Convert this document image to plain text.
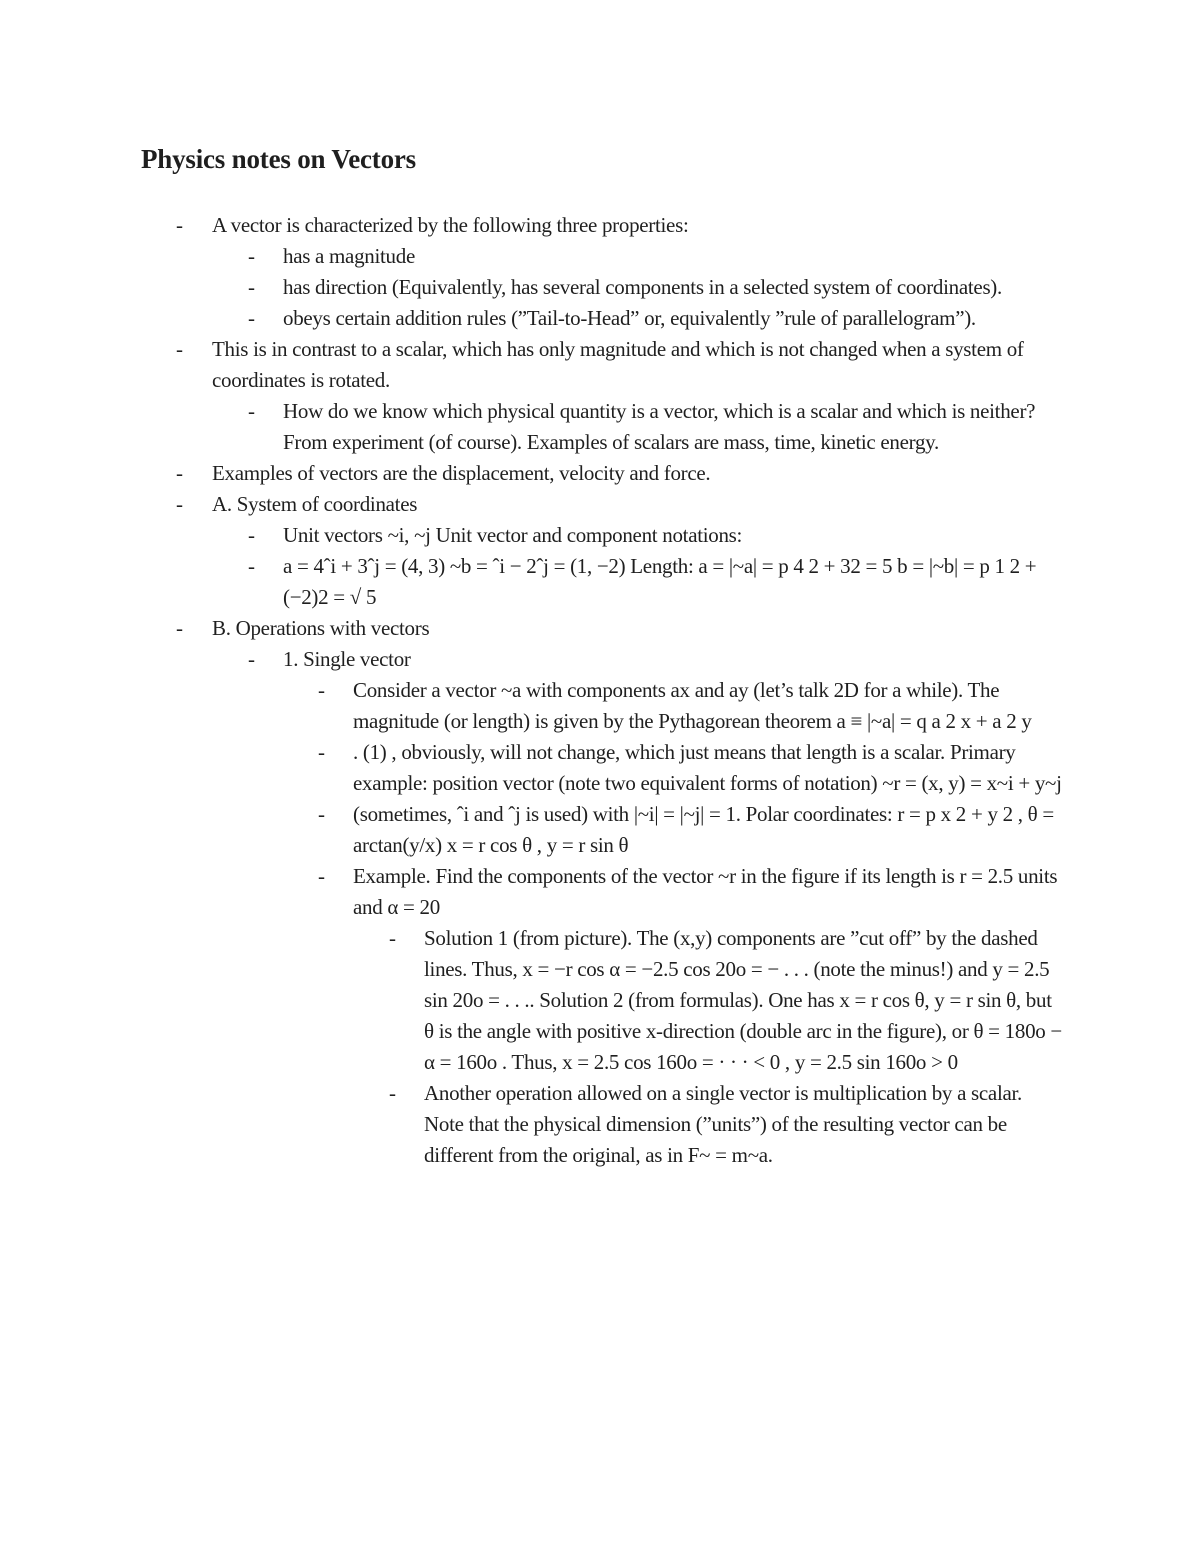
Physics notes on Vectors
- A vector is characterized by the following three properties:
- has a magnitude
- has direction (Equivalently, has several components in a selected system of coordinates).
- obeys certain addition rules (”Tail-to-Head” or, equivalently ”rule of parallelogram”).
- This is in contrast to a scalar, which has only magnitude and which is not changed when a system of coordinates is rotated.
- How do we know which physical quantity is a vector, which is a scalar and which is neither? From experiment (of course). Examples of scalars are mass, time, kinetic energy.
- Examples of vectors are the displacement, velocity and force.
- A. System of coordinates
- Unit vectors ~i, ~j Unit vector and component notations:
- a = 4ˆi + 3ˆj = (4, 3) ~b = ˆi − 2ˆj = (1, −2) Length: a = |~a| = p 4 2 + 32 = 5 b = |~b| = p 1 2 + (−2)2 = √ 5
- B. Operations with vectors
- 1. Single vector
- Consider a vector ~a with components ax and ay (let’s talk 2D for a while). The magnitude (or length) is given by the Pythagorean theorem a ≡ |~a| = q a 2 x + a 2 y
- . (1) , obviously, will not change, which just means that length is a scalar. Primary example: position vector (note two equivalent forms of notation) ~r = (x, y) = x~i + y~j
- (sometimes, ˆi and ˆj is used) with |~i| = |~j| = 1. Polar coordinates: r = p x 2 + y 2 , θ = arctan(y/x) x = r cos θ , y = r sin θ
- Example. Find the components of the vector ~r in the figure if its length is r = 2.5 units and α = 20
- Solution 1 (from picture). The (x,y) components are ”cut off” by the dashed lines. Thus, x = −r cos α = −2.5 cos 20o = − . . . (note the minus!) and y = 2.5 sin 20o = . . .. Solution 2 (from formulas). One has x = r cos θ, y = r sin θ, but θ is the angle with positive x-direction (double arc in the figure), or θ = 180o − α = 160o . Thus, x = 2.5 cos 160o = · · · < 0 , y = 2.5 sin 160o > 0
- Another operation allowed on a single vector is multiplication by a scalar. Note that the physical dimension (”units”) of the resulting vector can be different from the original, as in F~ = m~a.
